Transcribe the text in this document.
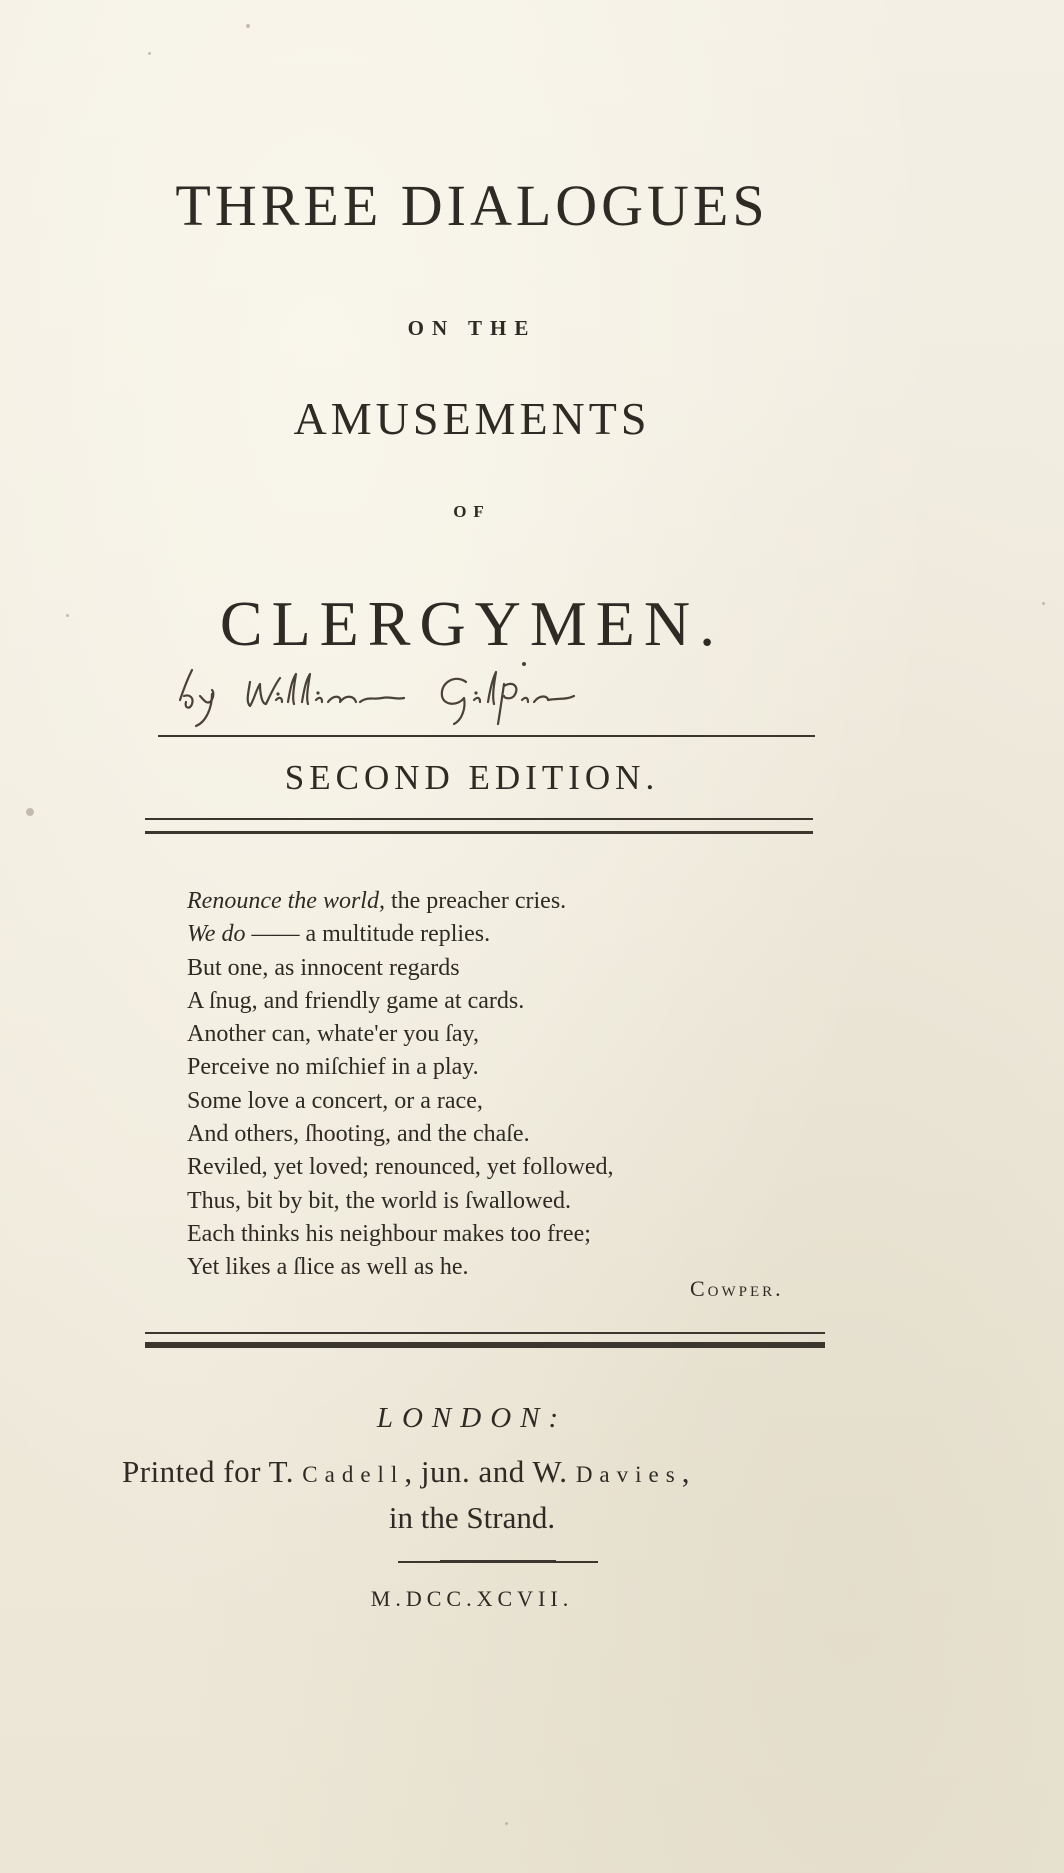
THREE DIALOGUES
ON THE
AMUSEMENTS
OF
CLERGYMEN.
SECOND EDITION.
Renounce the world, the preacher cries.
We do —— a multitude replies.
But one, as innocent regards
A ſnug, and friendly game at cards.
Another can, whate'er you ſay,
Perceive no miſchief in a play.
Some love a concert, or a race,
And others, ſhooting, and the chaſe.
Reviled, yet loved; renounced, yet followed,
Thus, bit by bit, the world is ſwallowed.
Each thinks his neighbour makes too free;
Yet likes a ſlice as well as he.
Cowper.
LONDON:
Printed for T. Cadell, jun. and W. Davies,
in the Strand.
M.DCC.XCVII.
